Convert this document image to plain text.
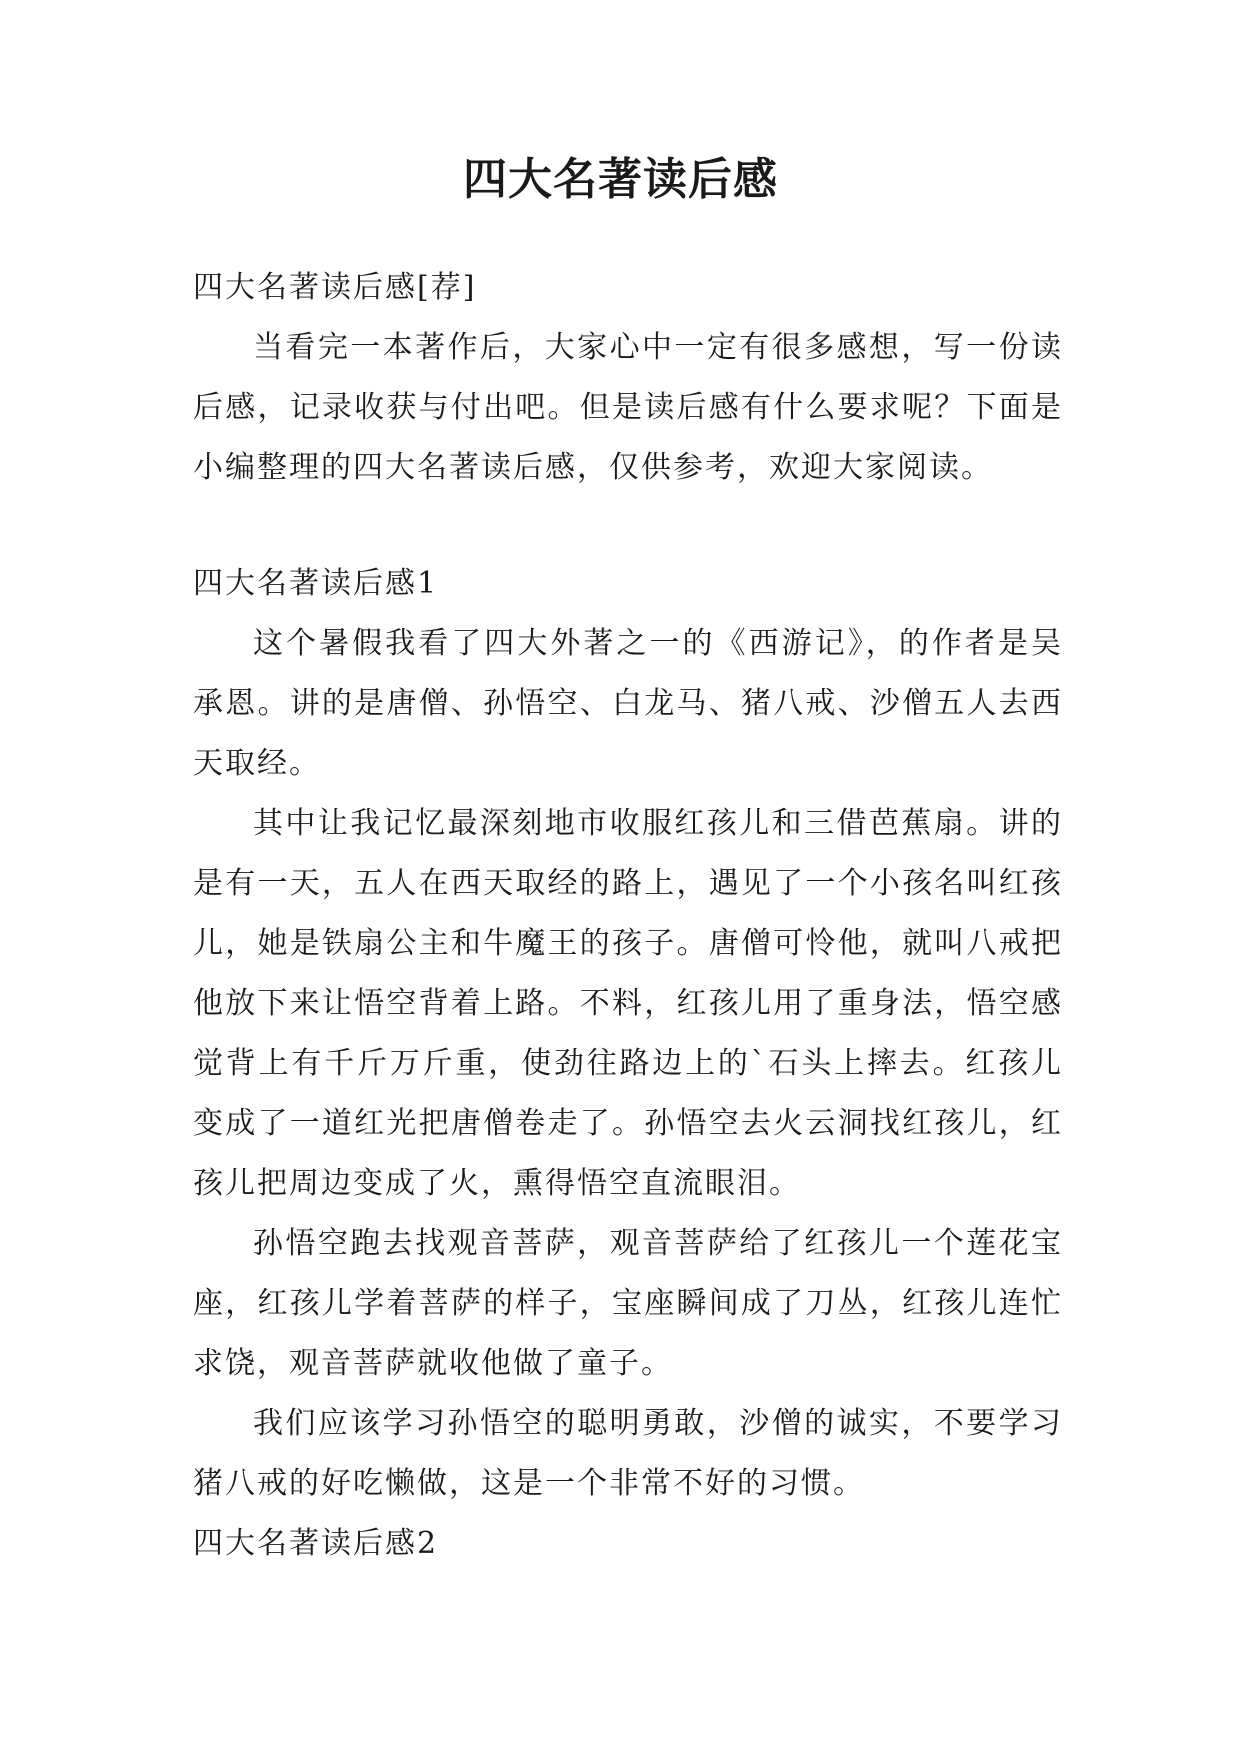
四大名著读后感

四大名著读后感[荐]

当看完一本著作后，大家心中一定有很多感想，写一份读后感，记录收获与付出吧。但是读后感有什么要求呢？下面是小编整理的四大名著读后感，仅供参考，欢迎大家阅读。

四大名著读后感1

这个暑假我看了四大外著之一的《西游记》，的作者是吴承恩。讲的是唐僧、孙悟空、白龙马、猪八戒、沙僧五人去西天取经。

其中让我记忆最深刻地市收服红孩儿和三借芭蕉扇。讲的是有一天，五人在西天取经的路上，遇见了一个小孩名叫红孩儿，她是铁扇公主和牛魔王的孩子。唐僧可怜他，就叫八戒把他放下来让悟空背着上路。不料，红孩儿用了重身法，悟空感觉背上有千斤万斤重，使劲往路边上的`石头上摔去。红孩儿变成了一道红光把唐僧卷走了。孙悟空去火云洞找红孩儿，红孩儿把周边变成了火，熏得悟空直流眼泪。

孙悟空跑去找观音菩萨，观音菩萨给了红孩儿一个莲花宝座，红孩儿学着菩萨的样子，宝座瞬间成了刀丛，红孩儿连忙求饶，观音菩萨就收他做了童子。

我们应该学习孙悟空的聪明勇敢，沙僧的诚实，不要学习猪八戒的好吃懒做，这是一个非常不好的习惯。

四大名著读后感2
